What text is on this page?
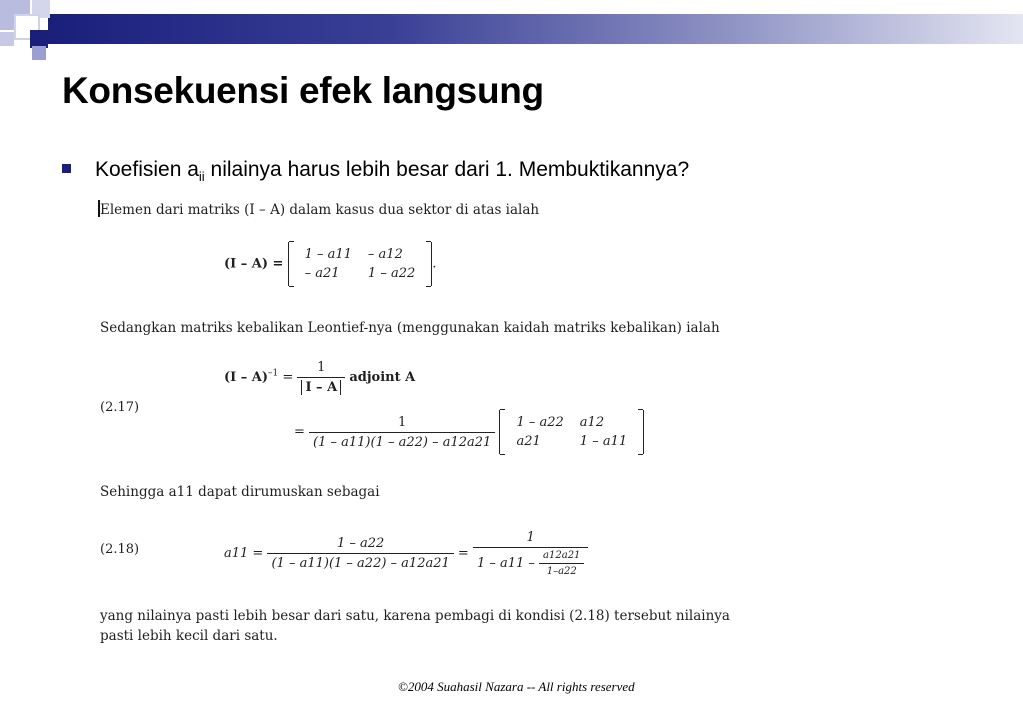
Konsekuensi efek langsung
Koefisien $a_{ii}$ nilainya harus lebih besar dari 1. Membuktikannya?
Elemen dari matriks (I – A) dalam kasus dua sektor di atas ialah
(I – A) =
1 – a11	– a12
– a21	1 – a22
.
Sedangkan matriks kebalikan Leontief-nya (menggunakan kaidah matriks kebalikan) ialah
(2.17)
$(I - A)^{-1} = \frac{1}{I - A}$ adjoint A
= $\frac{1}{(1 - a11)(1 - a22) - a12a21}$
1 – a22	a12
a21	1 – a11
Sehingga a11 dapat dirumuskan sebagai
(2.18)	$a11 = \frac{1 - a22}{(1 - a11)(1 - a22) - a12a21} = \frac{1}{1 - a11 - \frac{a12a21}{1-a22}}$
yang nilainya pasti lebih besar dari satu, karena pembagi di kondisi (2.18) tersebut nilainya
pasti lebih kecil dari satu.
©2004 Suahasil Nazara -- All rights reserved
